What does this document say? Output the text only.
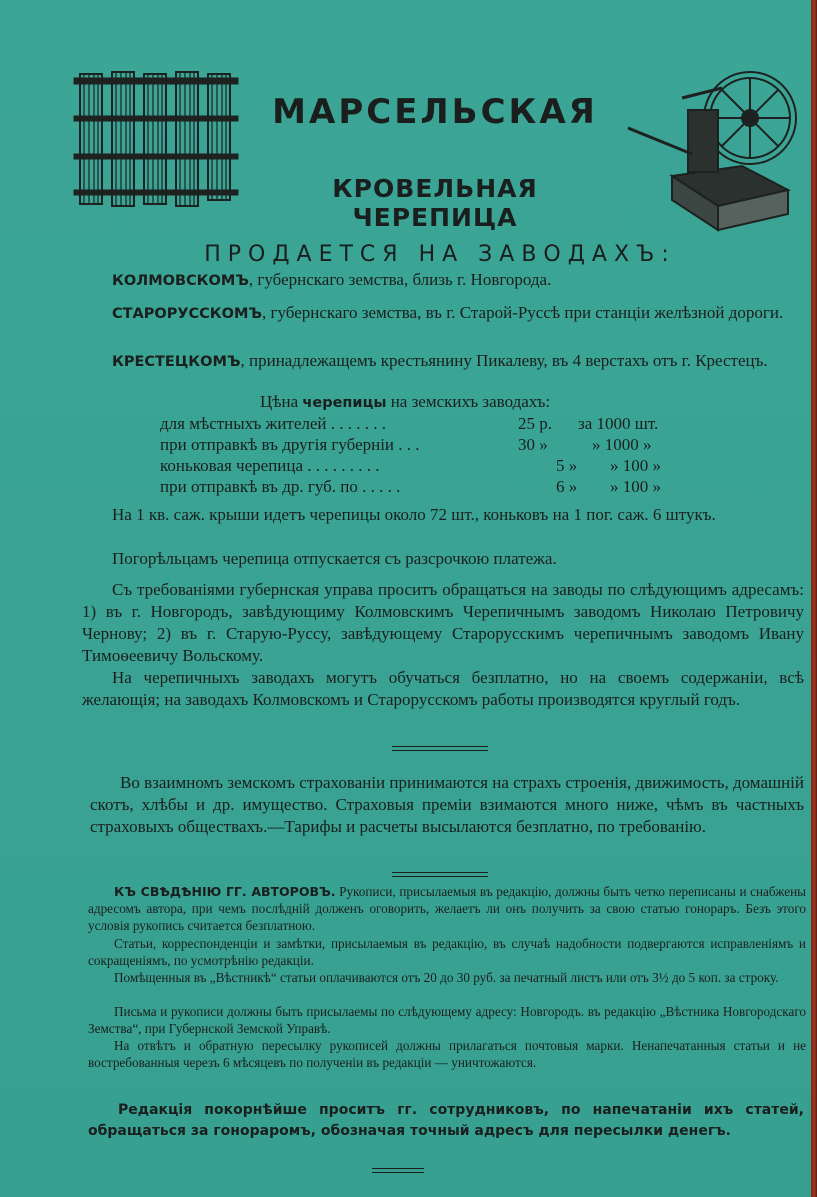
МАРСЕЛЬСКАЯ
КРОВЕЛЬНАЯ ЧЕРЕПИЦА
ПРОДАЕТСЯ НА ЗАВОДАХЪ:
КОЛМОВСКОМЪ, губернскаго земства, близь г. Новгорода.
СТАРОРУССКОМЪ, губернскаго земства, въ г. Старой-Руссѣ при станціи желѣзной дороги.
КРЕСТЕЦКОМЪ, принадлежащемъ крестьянину Пикалеву, въ 4 верстахъ отъ г. Крестецъ.
Цѣна черепицы на земскихъ заводахъ:
для мѣстныхъ жителей . . . . . . .	25 р. за 1000 шт.
при отправкѣ въ другія губерніи . . .	30 »	» 1000 »
коньковая черепица . . . . . . . . .	5 » » 100 »
при отправкѣ въ др. губ. по . . . . .	6 » » 100 »
На 1 кв. саж. крыши идетъ черепицы около 72 шт., коньковъ на 1 пог. саж. 6 штукъ.
Погорѣльцамъ черепица отпускается съ разсрочкою платежа.
Съ требованіями губернская управа проситъ обращаться на заводы по слѣдующимъ адресамъ: 1) въ г. Новгородъ, завѣдующиму Колмовскимъ Черепичнымъ заводомъ Николаю Петровичу Чернову; 2) въ г. Старую-Руссу, завѣдующему Старорусскимъ черепичнымъ заводомъ Ивану Тимоѳеевичу Вольскому.
На черепичныхъ заводахъ могутъ обучаться безплатно, но на своемъ содержаніи, всѣ желающія; на заводахъ Колмовскомъ и Старорусскомъ работы производятся круглый годъ.
Во взаимномъ земскомъ страхованіи принимаются на страхъ строенія, движимость, домашній скотъ, хлѣбы и др. имущество. Страховыя преміи взимаются много ниже, чѣмъ въ частныхъ страховыхъ обществахъ.—Тарифы и расчеты высылаются безплатно, по требованію.
КЪ СВѢДѢНІЮ ГГ. АВТОРОВЪ. Рукописи, присылаемыя въ редакцію, должны быть четко переписаны и снабжены адресомъ автора, при чемъ послѣдній долженъ оговорить, желаетъ ли онъ получить за свою статью гонораръ. Безъ этого условія рукопись считается безплатною.
Статьи, корреспонденціи и замѣтки, присылаемыя въ редакцію, въ случаѣ надобности подвергаются исправленіямъ и сокращеніямъ, по усмотрѣнію редакціи.
Помѣщенныя въ „Вѣстникѣ“ статьи оплачиваются отъ 20 до 30 руб. за печатный листъ или отъ 3½ до 5 коп. за строку.
Письма и рукописи должны быть присылаемы по слѣдующему адресу: Новгородъ. въ редакцію „Вѣстника Новгородскаго Земства“, при Губернской Земской Управѣ.
На отвѣтъ и обратную пересылку рукописей должны прилагаться почтовыя марки. Ненапечатанныя статьи и не востребованныя черезъ 6 мѣсяцевъ по полученіи въ редакціи — уничтожаются.
Редакція покорнѣйше проситъ гг. сотрудниковъ, по напечатаніи ихъ статей, обращаться за гонораромъ, обозначая точный адресъ для пересылки денегъ.
